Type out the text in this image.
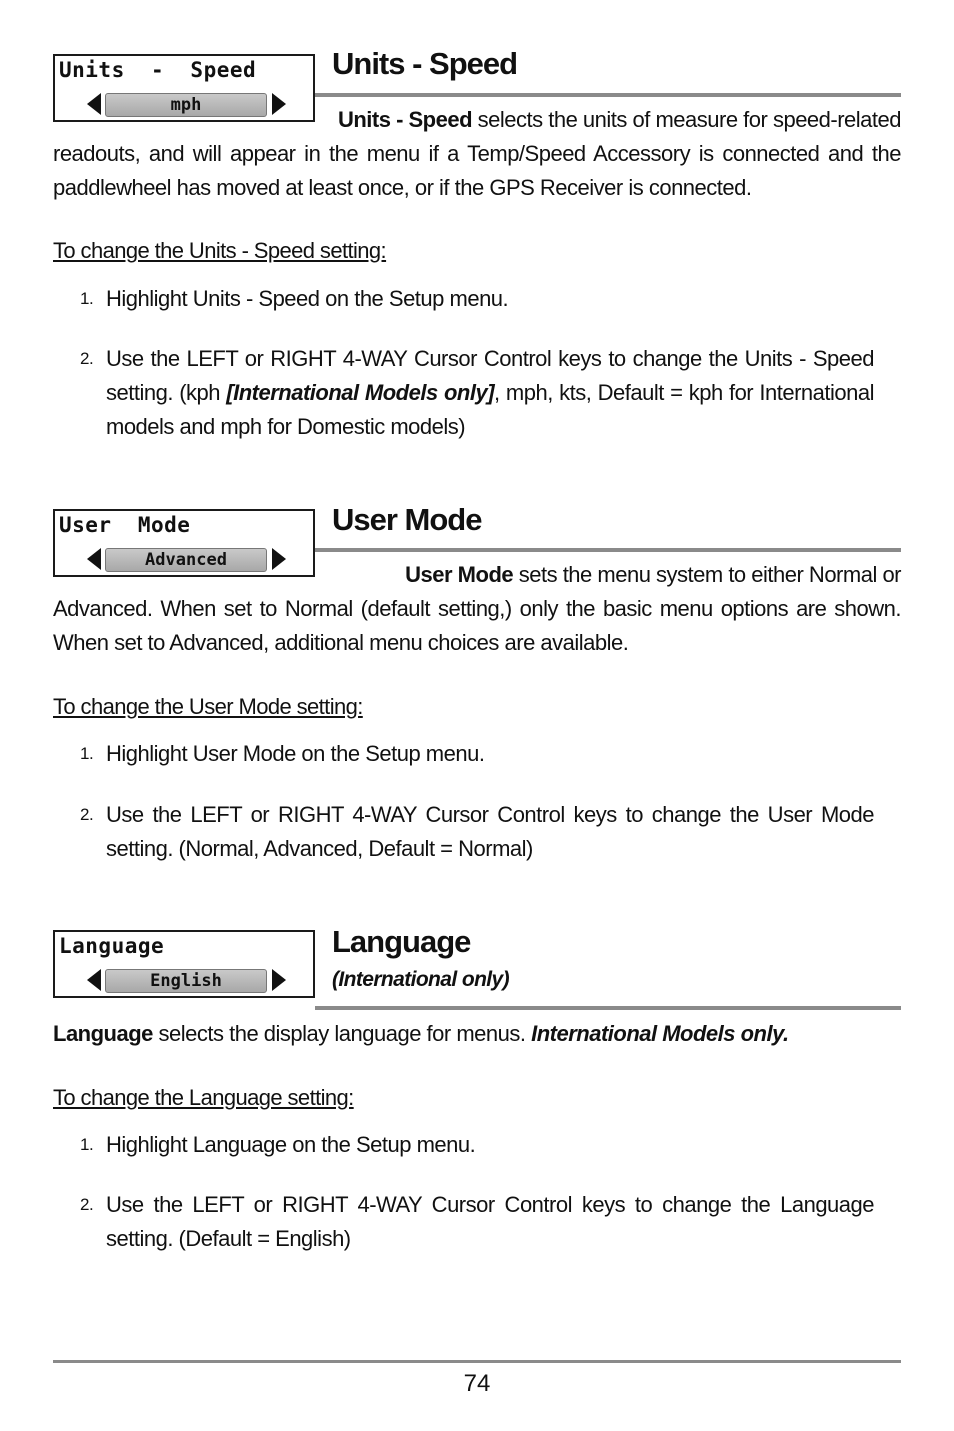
Units  -  Speed
mph
Units - Speed
Units - Speed selects the units of measure for speed-related
readouts, and will appear in the menu if a Temp/Speed Accessory is connected and the paddlewheel has moved at least once, or if the GPS Receiver is connected.
To change the Units - Speed setting:
1. Highlight Units - Speed on the Setup menu.
2. Use the LEFT or RIGHT 4-WAY Cursor Control keys to change the Units - Speed setting. (kph [International Models only], mph, kts, Default = kph for International models and mph for Domestic models)
User  Mode
Advanced
User Mode
User Mode sets the menu system to either Normal or
Advanced. When set to Normal (default setting,) only the basic menu options are shown. When set to Advanced, additional menu choices are available.
To change the User Mode setting:
1. Highlight User Mode on the Setup menu.
2. Use the LEFT or RIGHT 4-WAY Cursor Control keys to change the User Mode setting. (Normal, Advanced, Default = Normal)
Language
English
Language
(International only)
Language selects the display language for menus. International Models only.
To change the Language setting:
1. Highlight Language on the Setup menu.
2. Use the LEFT or RIGHT 4-WAY Cursor Control keys to change the Language setting. (Default = English)
74
